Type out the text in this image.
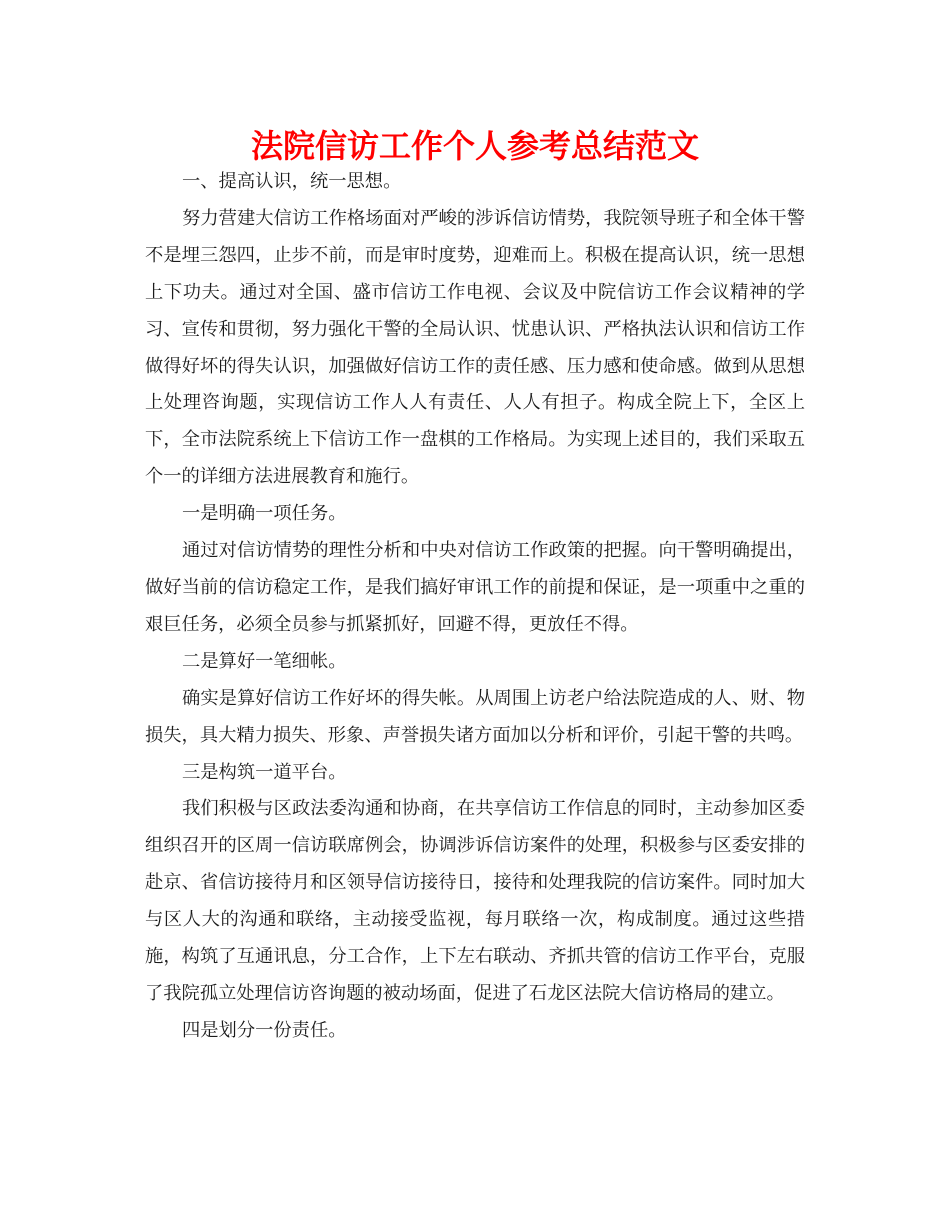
法院信访工作个人参考总结范文

一、提高认识，统一思想。

努力营建大信访工作格场面对严峻的涉诉信访情势，我院领导班子和全体干警不是埋三怨四，止步不前，而是审时度势，迎难而上。积极在提高认识，统一思想上下功夫。通过对全国、盛市信访工作电视、会议及中院信访工作会议精神的学习、宣传和贯彻，努力强化干警的全局认识、忧患认识、严格执法认识和信访工作做得好坏的得失认识，加强做好信访工作的责任感、压力感和使命感。做到从思想上处理咨询题，实现信访工作人人有责任、人人有担子。构成全院上下，全区上下，全市法院系统上下信访工作一盘棋的工作格局。为实现上述目的，我们采取五个一的详细方法进展教育和施行。

一是明确一项任务。

通过对信访情势的理性分析和中央对信访工作政策的把握。向干警明确提出，做好当前的信访稳定工作，是我们搞好审讯工作的前提和保证，是一项重中之重的艰巨任务，必须全员参与抓紧抓好，回避不得，更放任不得。

二是算好一笔细帐。

确实是算好信访工作好坏的得失帐。从周围上访老户给法院造成的人、财、物损失，具大精力损失、形象、声誉损失诸方面加以分析和评价，引起干警的共鸣。

三是构筑一道平台。

我们积极与区政法委沟通和协商，在共享信访工作信息的同时，主动参加区委组织召开的区周一信访联席例会，协调涉诉信访案件的处理，积极参与区委安排的赴京、省信访接待月和区领导信访接待日，接待和处理我院的信访案件。同时加大与区人大的沟通和联络，主动接受监视，每月联络一次，构成制度。通过这些措施，构筑了互通讯息，分工合作，上下左右联动、齐抓共管的信访工作平台，克服了我院孤立处理信访咨询题的被动场面，促进了石龙区法院大信访格局的建立。

四是划分一份责任。
